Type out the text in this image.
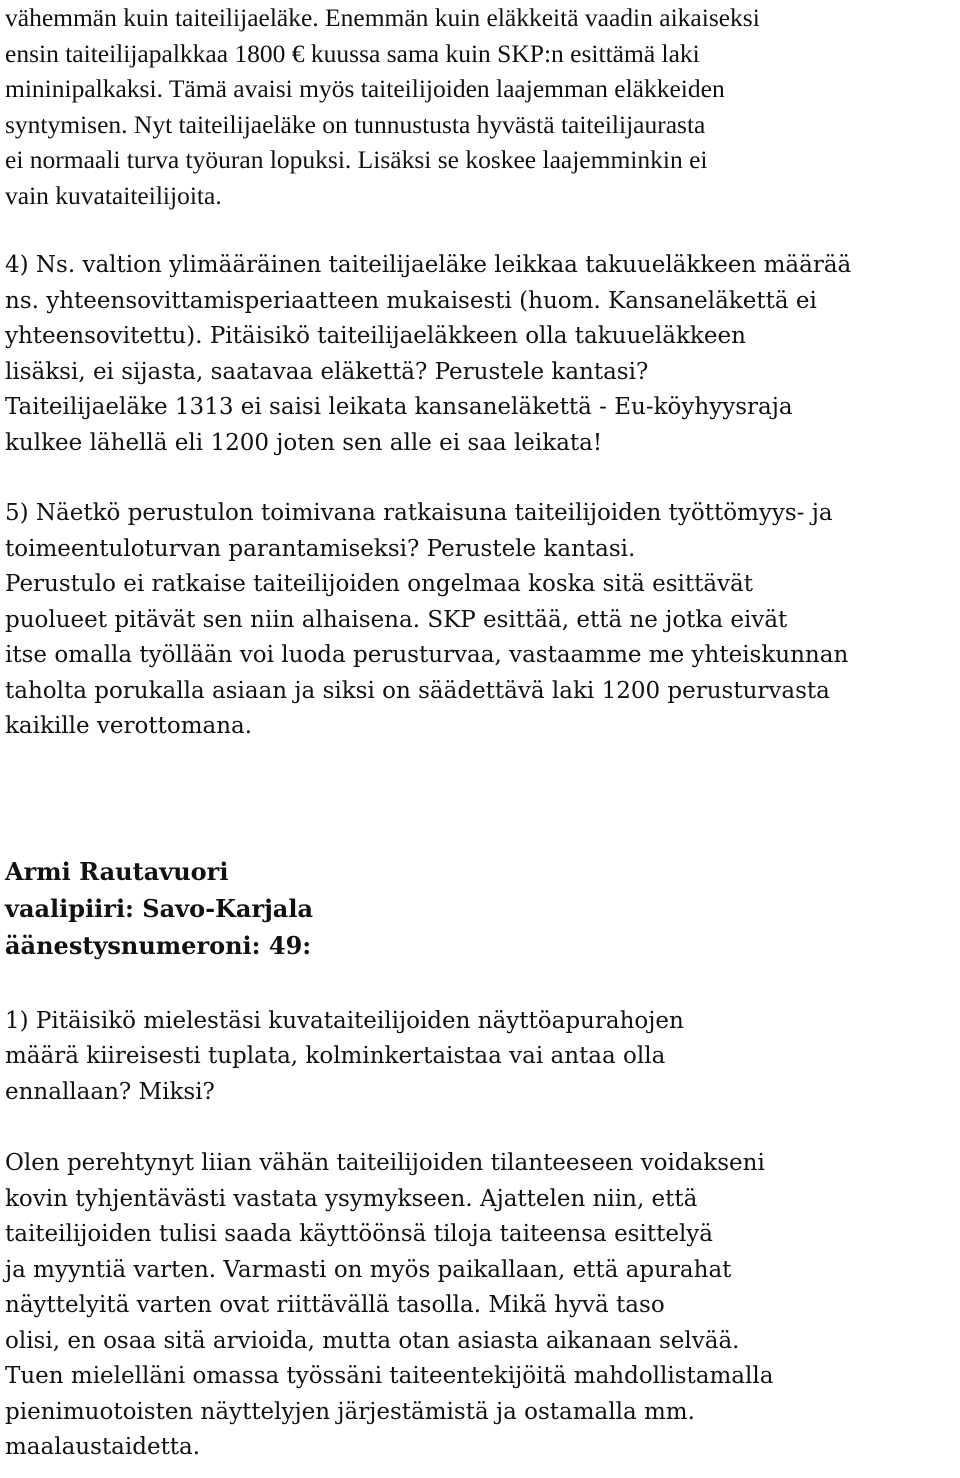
vähemmän kuin taiteilijaeläke. Enemmän kuin eläkkeitä vaadin aikaiseksi
ensin taiteilijapalkkaa 1800 € kuussa sama kuin SKP:n esittämä laki
mininipalkaksi. Tämä avaisi myös taiteilijoiden laajemman eläkkeiden
syntymisen. Nyt taiteilijaeläke on tunnustusta hyvästä taiteilijaurasta
ei normaali turva työuran lopuksi. Lisäksi se koskee laajemminkin ei
vain kuvataiteilijoita.
4) Ns. valtion ylimääräinen taiteilijaeläke leikkaa takuueläkkeen määrää
ns. yhteensovittamisperiaatteen mukaisesti (huom. Kansaneläkettä ei
yhteensovitettu). Pitäisikö taiteilijaeläkkeen olla takuueläkkeen
lisäksi, ei sijasta, saatavaa eläkettä? Perustele kantasi?
Taiteilijaeläke 1313 ei saisi leikata kansaneläkettä - Eu-köyhyysraja
kulkee lähellä eli 1200 joten sen alle ei saa leikata!
5) Näetkö perustulon toimivana ratkaisuna taiteilijoiden työttömyys- ja
toimeentuloturvan parantamiseksi? Perustele kantasi.
Perustulo ei ratkaise taiteilijoiden ongelmaa koska sitä esittävät
puolueet pitävät sen niin alhaisena. SKP esittää, että ne jotka eivät
itse omalla työllään voi luoda perusturvaa, vastaamme me yhteiskunnan
taholta porukalla asiaan ja siksi on säädettävä laki 1200 perusturvasta
kaikille verottomana.
Armi Rautavuori
vaalipiiri: Savo-Karjala
äänestysnumeroni: 49:
1) Pitäisikö mielestäsi kuvataiteilijoiden näyttöapurahojen
määrä kiireisesti tuplata, kolminkertaistaa vai antaa olla
ennallaan? Miksi?
Olen perehtynyt liian vähän taiteilijoiden tilanteeseen voidakseni
kovin tyhjentävästi vastata ysymykseen. Ajattelen niin, että
taiteilijoiden tulisi saada käyttöönsä tiloja taiteensa esittelyä
ja myyntiä varten. Varmasti on myös paikallaan, että apurahat
näyttelyitä varten ovat riittävällä tasolla. Mikä hyvä taso
olisi, en osaa sitä arvioida, mutta otan asiasta aikanaan selvää.
Tuen mielelläni omassa työssäni taiteentekijöitä mahdollistamalla
pienimuotoisten näyttelyjen järjestämistä ja ostamalla mm.
maalaustaidetta.
